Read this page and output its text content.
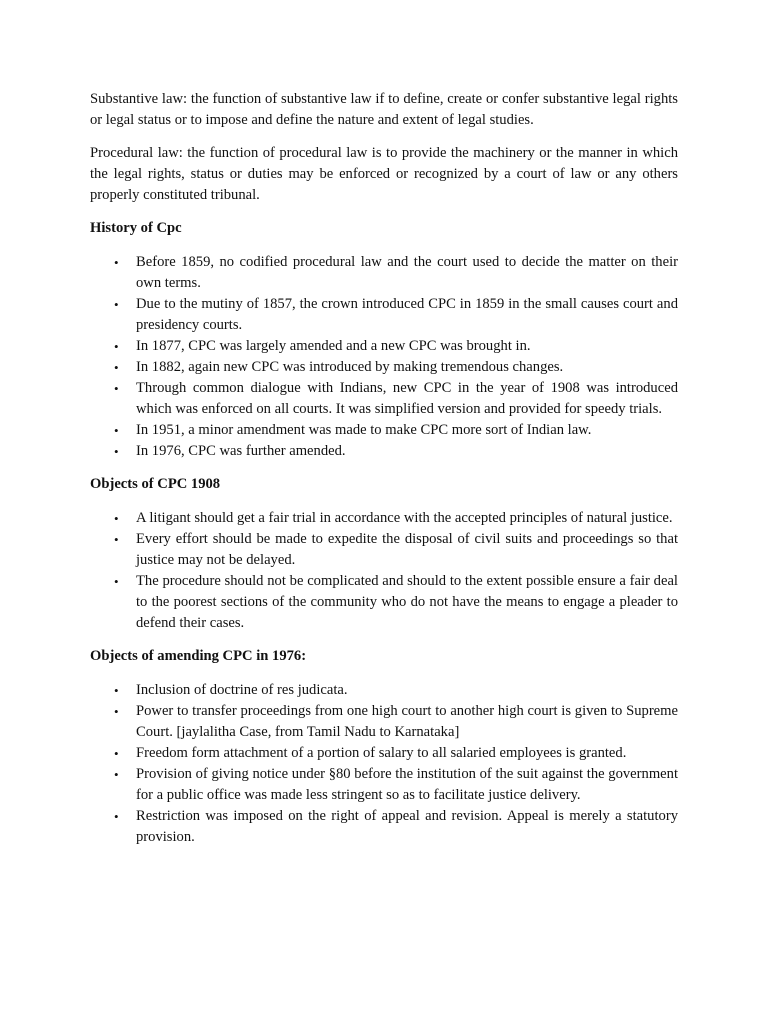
Substantive law: the function of substantive law if to define, create or confer substantive legal rights or legal status or to impose and define the nature and extent of legal studies.

Procedural law: the function of procedural law is to provide the machinery or the manner in which the legal rights, status or duties may be enforced or recognized by a court of law or any others properly constituted tribunal.

History of Cpc

• Before 1859, no codified procedural law and the court used to decide the matter on their own terms.
• Due to the mutiny of 1857, the crown introduced CPC in 1859 in the small causes court and presidency courts.
• In 1877, CPC was largely amended and a new CPC was brought in.
• In 1882, again new CPC was introduced by making tremendous changes.
• Through common dialogue with Indians, new CPC in the year of 1908 was introduced which was enforced on all courts. It was simplified version and provided for speedy trials.
• In 1951, a minor amendment was made to make CPC more sort of Indian law.
• In 1976, CPC was further amended.

Objects of CPC 1908

• A litigant should get a fair trial in accordance with the accepted principles of natural justice.
• Every effort should be made to expedite the disposal of civil suits and proceedings so that justice may not be delayed.
• The procedure should not be complicated and should to the extent possible ensure a fair deal to the poorest sections of the community who do not have the means to engage a pleader to defend their cases.

Objects of amending CPC in 1976:

• Inclusion of doctrine of res judicata.
• Power to transfer proceedings from one high court to another high court is given to Supreme Court. [jaylalitha Case, from Tamil Nadu to Karnataka]
• Freedom form attachment of a portion of salary to all salaried employees is granted.
• Provision of giving notice under §80 before the institution of the suit against the government for a public office was made less stringent so as to facilitate justice delivery.
• Restriction was imposed on the right of appeal and revision. Appeal is merely a statutory provision.
